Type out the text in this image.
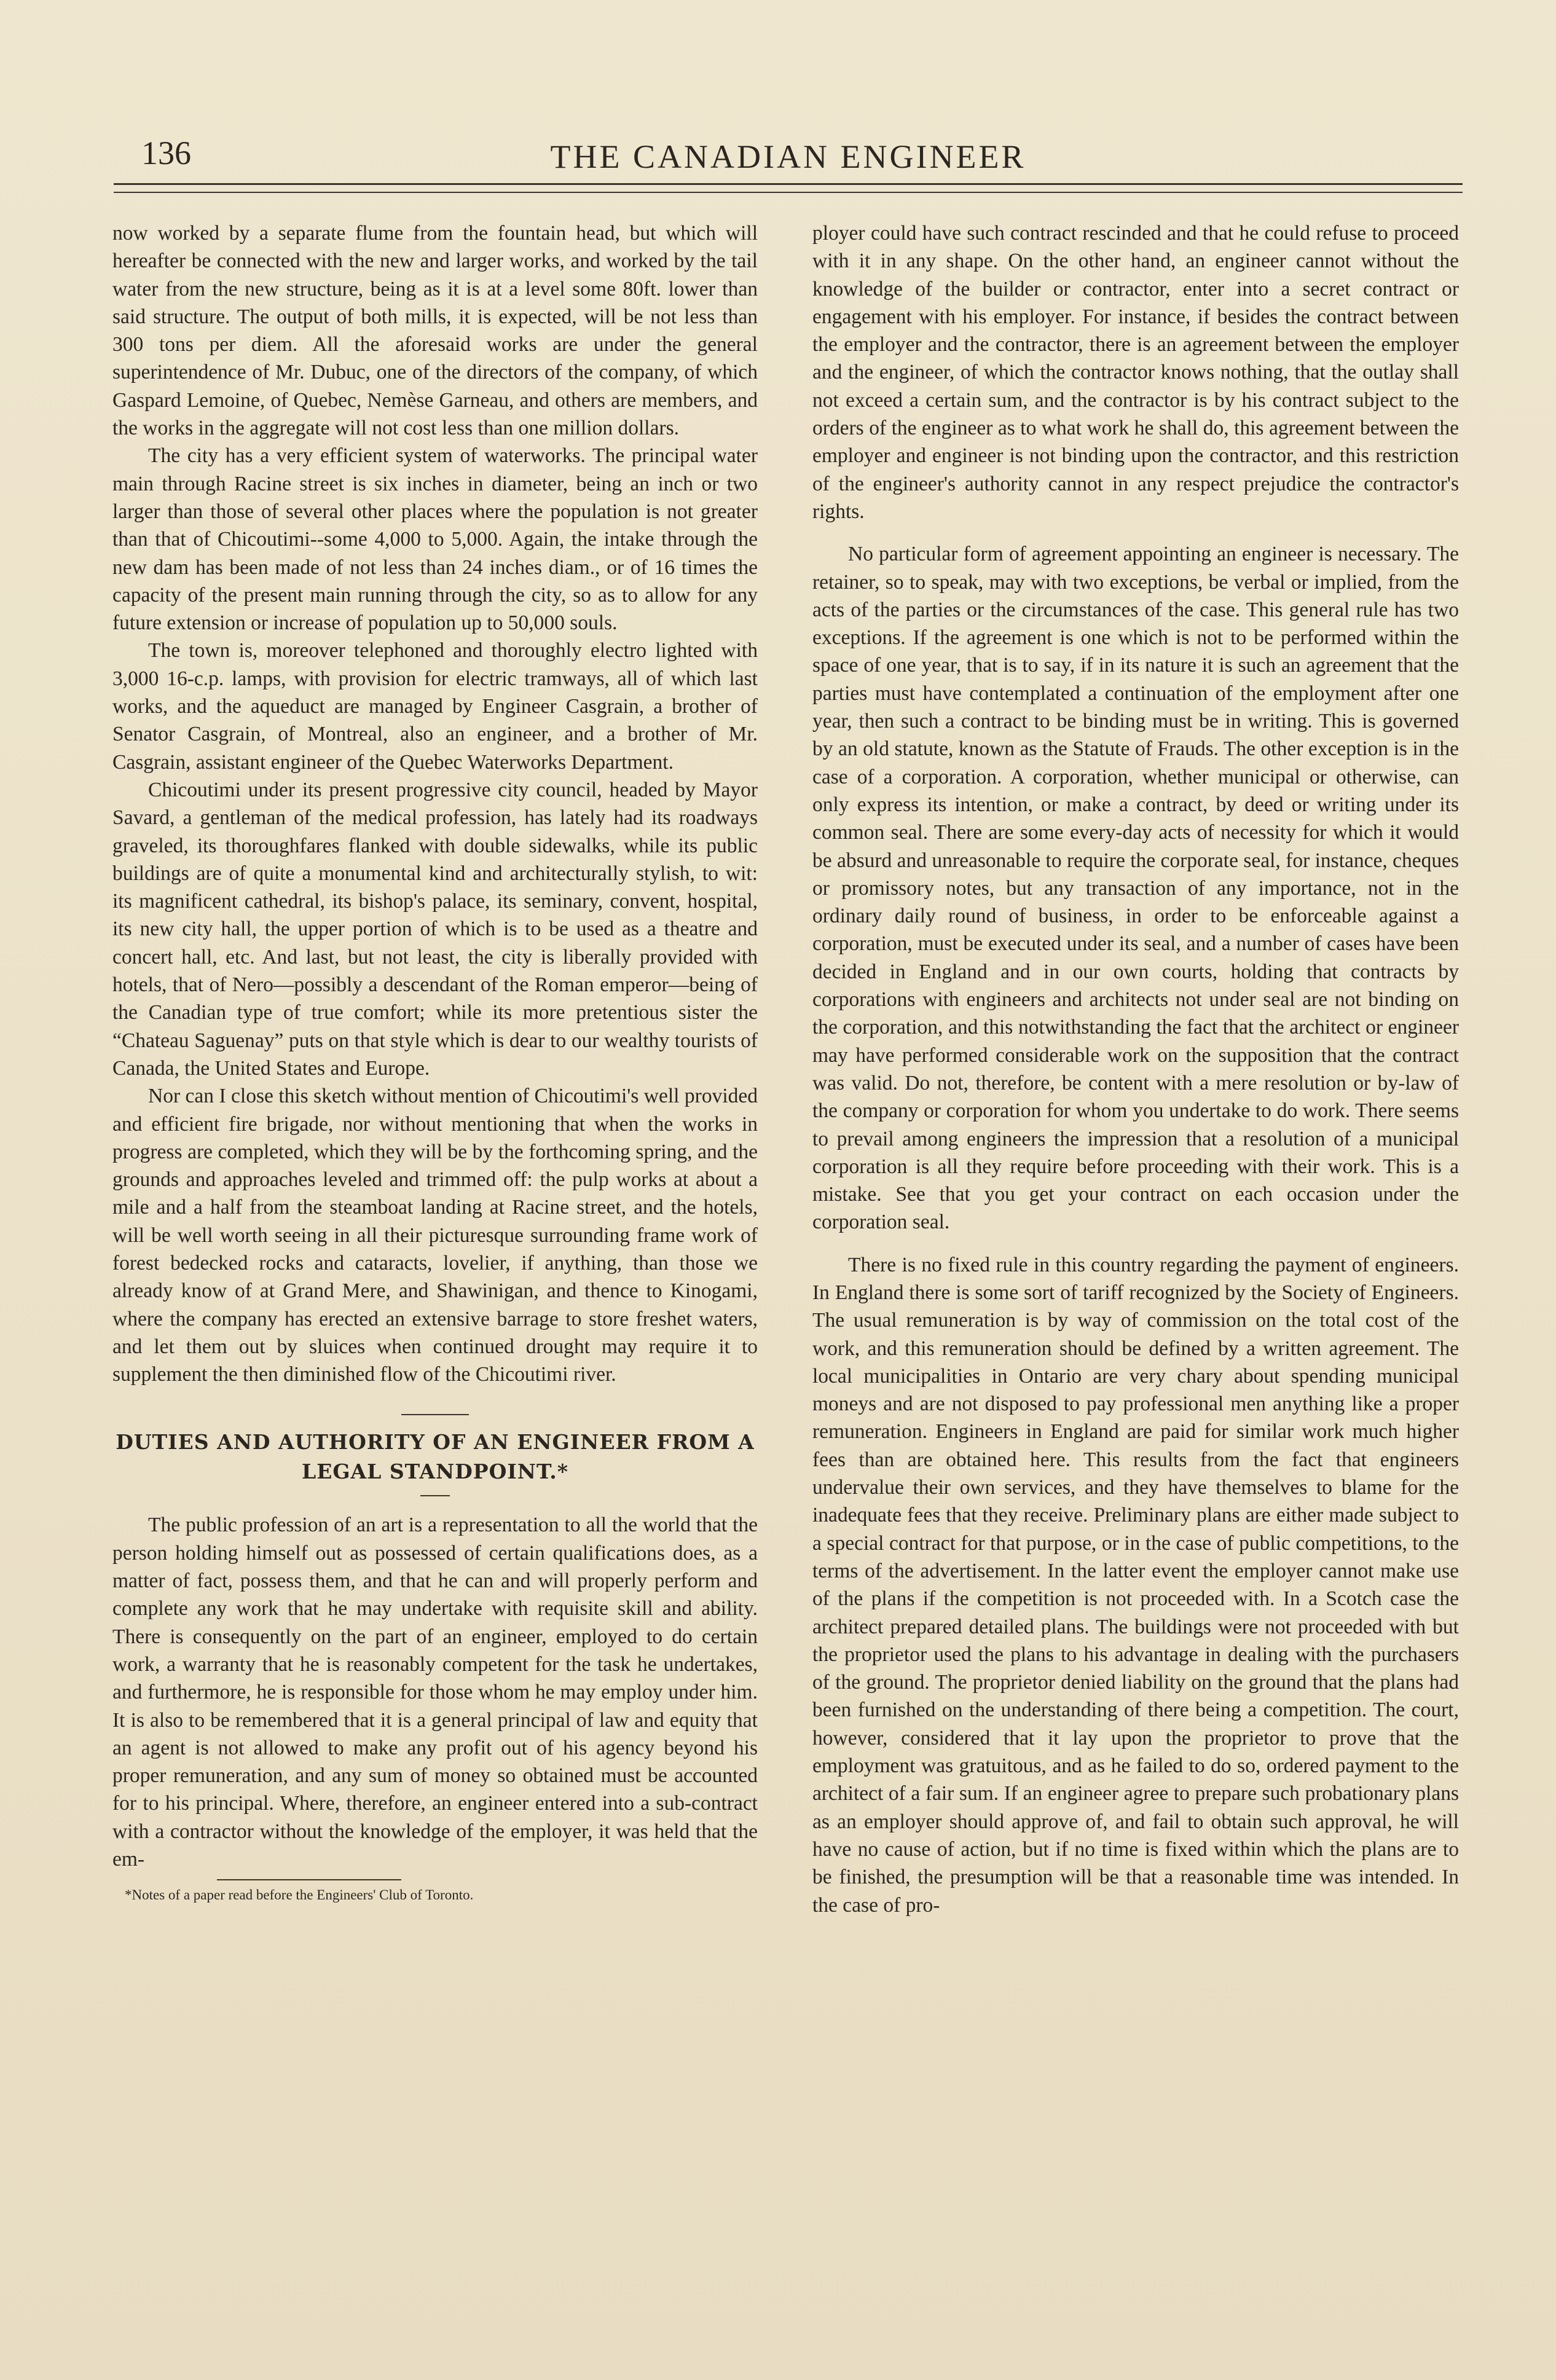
136	THE CANADIAN ENGINEER

now worked by a separate flume from the fountain head, but which will hereafter be connected with the new and larger works, and worked by the tail water from the new structure, being as it is at a level some 80ft. lower than said structure. The output of both mills, it is expected, will be not less than 300 tons per diem. All the aforesaid works are under the general superintendence of Mr. Dubuc, one of the directors of the company, of which Gaspard Lemoine, of Quebec, Nemèse Garneau, and others are members, and the works in the aggregate will not cost less than one million dollars.

The city has a very efficient system of waterworks. The principal water main through Racine street is six inches in diameter, being an inch or two larger than those of several other places where the population is not greater than that of Chicoutimi--some 4,000 to 5,000. Again, the intake through the new dam has been made of not less than 24 inches diam., or of 16 times the capacity of the present main running through the city, so as to allow for any future extension or increase of population up to 50,000 souls.

The town is, moreover telephoned and thoroughly electro lighted with 3,000 16-c.p. lamps, with provision for electric tramways, all of which last works, and the aqueduct are managed by Engineer Casgrain, a brother of Senator Casgrain, of Montreal, also an engineer, and a brother of Mr. Casgrain, assistant engineer of the Quebec Waterworks Department.

Chicoutimi under its present progressive city council, headed by Mayor Savard, a gentleman of the medical profession, has lately had its roadways graveled, its thoroughfares flanked with double sidewalks, while its public buildings are of quite a monumental kind and architecturally stylish, to wit: its magnificent cathedral, its bishop's palace, its seminary, convent, hospital, its new city hall, the upper portion of which is to be used as a theatre and concert hall, etc. And last, but not least, the city is liberally provided with hotels, that of Nero—possibly a descendant of the Roman emperor—being of the Canadian type of true comfort; while its more pretentious sister the “Chateau Saguenay” puts on that style which is dear to our wealthy tourists of Canada, the United States and Europe.

Nor can I close this sketch without mention of Chicoutimi's well provided and efficient fire brigade, nor without mentioning that when the works in progress are completed, which they will be by the forthcoming spring, and the grounds and approaches leveled and trimmed off: the pulp works at about a mile and a half from the steamboat landing at Racine street, and the hotels, will be well worth seeing in all their picturesque surrounding frame work of forest bedecked rocks and cataracts, lovelier, if anything, than those we already know of at Grand Mere, and Shawinigan, and thence to Kinogami, where the company has erected an extensive barrage to store freshet waters, and let them out by sluices when continued drought may require it to supplement the then diminished flow of the Chicoutimi river.

DUTIES AND AUTHORITY OF AN ENGINEER FROM A LEGAL STANDPOINT.*

The public profession of an art is a representation to all the world that the person holding himself out as possessed of certain qualifications does, as a matter of fact, possess them, and that he can and will properly perform and complete any work that he may undertake with requisite skill and ability. There is consequently on the part of an engineer, employed to do certain work, a warranty that he is reasonably competent for the task he undertakes, and furthermore, he is responsible for those whom he may employ under him. It is also to be remembered that it is a general principal of law and equity that an agent is not allowed to make any profit out of his agency beyond his proper remuneration, and any sum of money so obtained must be accounted for to his principal. Where, therefore, an engineer entered into a sub-contract with a contractor without the knowledge of the employer, it was held that the em-

*Notes of a paper read before the Engineers' Club of Toronto.

ployer could have such contract rescinded and that he could refuse to proceed with it in any shape. On the other hand, an engineer cannot without the knowledge of the builder or contractor, enter into a secret contract or engagement with his employer. For instance, if besides the contract between the employer and the contractor, there is an agreement between the employer and the engineer, of which the contractor knows nothing, that the outlay shall not exceed a certain sum, and the contractor is by his contract subject to the orders of the engineer as to what work he shall do, this agreement between the employer and engineer is not binding upon the contractor, and this restriction of the engineer's authority cannot in any respect prejudice the contractor's rights.

No particular form of agreement appointing an engineer is necessary. The retainer, so to speak, may with two exceptions, be verbal or implied, from the acts of the parties or the circumstances of the case. This general rule has two exceptions. If the agreement is one which is not to be performed within the space of one year, that is to say, if in its nature it is such an agreement that the parties must have contemplated a continuation of the employment after one year, then such a contract to be binding must be in writing. This is governed by an old statute, known as the Statute of Frauds. The other exception is in the case of a corporation. A corporation, whether municipal or otherwise, can only express its intention, or make a contract, by deed or writing under its common seal. There are some every-day acts of necessity for which it would be absurd and unreasonable to require the corporate seal, for instance, cheques or promissory notes, but any transaction of any importance, not in the ordinary daily round of business, in order to be enforceable against a corporation, must be executed under its seal, and a number of cases have been decided in England and in our own courts, holding that contracts by corporations with engineers and architects not under seal are not binding on the corporation, and this notwithstanding the fact that the architect or engineer may have performed considerable work on the supposition that the contract was valid. Do not, therefore, be content with a mere resolution or by-law of the company or corporation for whom you undertake to do work. There seems to prevail among engineers the impression that a resolution of a municipal corporation is all they require before proceeding with their work. This is a mistake. See that you get your contract on each occasion under the corporation seal.

There is no fixed rule in this country regarding the payment of engineers. In England there is some sort of tariff recognized by the Society of Engineers. The usual remuneration is by way of commission on the total cost of the work, and this remuneration should be defined by a written agreement. The local municipalities in Ontario are very chary about spending municipal moneys and are not disposed to pay professional men anything like a proper remuneration. Engineers in England are paid for similar work much higher fees than are obtained here. This results from the fact that engineers undervalue their own services, and they have themselves to blame for the inadequate fees that they receive. Preliminary plans are either made subject to a special contract for that purpose, or in the case of public competitions, to the terms of the advertisement. In the latter event the employer cannot make use of the plans if the competition is not proceeded with. In a Scotch case the architect prepared detailed plans. The buildings were not proceeded with but the proprietor used the plans to his advantage in dealing with the purchasers of the ground. The proprietor denied liability on the ground that the plans had been furnished on the understanding of there being a competition. The court, however, considered that it lay upon the proprietor to prove that the employment was gratuitous, and as he failed to do so, ordered payment to the architect of a fair sum. If an engineer agree to prepare such probationary plans as an employer should approve of, and fail to obtain such approval, he will have no cause of action, but if no time is fixed within which the plans are to be finished, the presumption will be that a reasonable time was intended. In the case of pro-
